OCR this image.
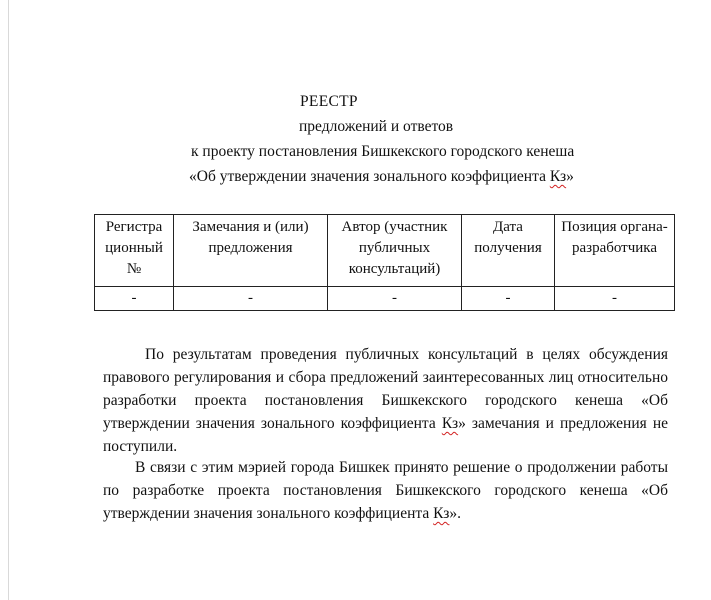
РЕЕСТР
предложений и ответов
к проекту постановления Бишкекского городского кенеша
«Об утверждении значения зонального коэффициента Кз»
Регистра ционный №	Замечания и (или) предложения	Автор (участник публичных консультаций)	Дата получения	Позиция органа-разработчика
-	-	-	-	-

По результатам проведения публичных консультаций в целях обсуждения правового регулирования и сбора предложений заинтересованных лиц относительно разработки проекта постановления Бишкекского городского кенеша «Об утверждении значения зонального коэффициента Кз» замечания и предложения не поступили.

В связи с этим мэрией города Бишкек принято решение о продолжении работы по разработке проекта постановления Бишкекского городского кенеша «Об утверждении значения зонального коэффициента Кз».
